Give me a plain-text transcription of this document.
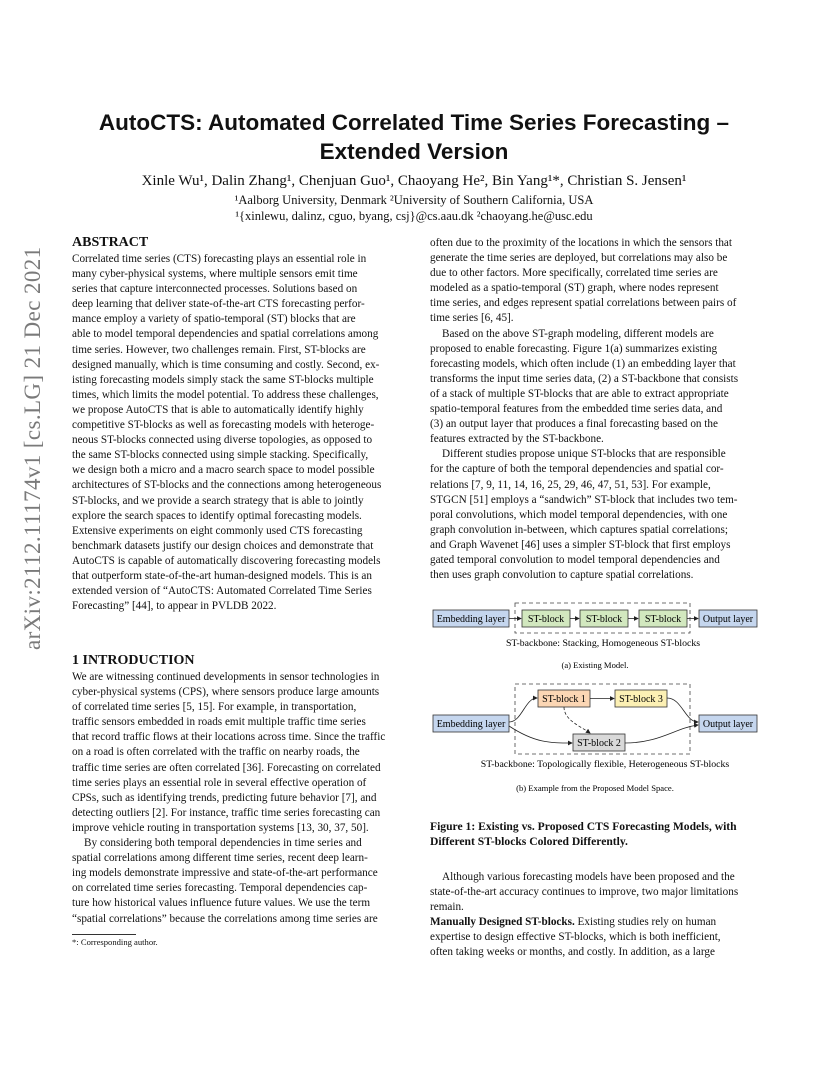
arXiv:2112.11174v1 [cs.LG] 21 Dec 2021
AutoCTS: Automated Correlated Time Series Forecasting –
Extended Version
Xinle Wu¹, Dalin Zhang¹, Chenjuan Guo¹, Chaoyang He², Bin Yang¹*, Christian S. Jensen¹
¹Aalborg University, Denmark ²University of Southern California, USA
¹{xinlewu, dalinz, cguo, byang, csj}@cs.aau.dk ²chaoyang.he@usc.edu
ABSTRACT

Correlated time series (CTS) forecasting plays an essential role in

many cyber-physical systems, where multiple sensors emit time

series that capture interconnected processes. Solutions based on

deep learning that deliver state-of-the-art CTS forecasting perfor-

mance employ a variety of spatio-temporal (ST) blocks that are

able to model temporal dependencies and spatial correlations among

time series. However, two challenges remain. First, ST-blocks are

designed manually, which is time consuming and costly. Second, ex-

isting forecasting models simply stack the same ST-blocks multiple

times, which limits the model potential. To address these challenges,

we propose AutoCTS that is able to automatically identify highly

competitive ST-blocks as well as forecasting models with heteroge-

neous ST-blocks connected using diverse topologies, as opposed to

the same ST-blocks connected using simple stacking. Specifically,

we design both a micro and a macro search space to model possible

architectures of ST-blocks and the connections among heterogeneous

ST-blocks, and we provide a search strategy that is able to jointly

explore the search spaces to identify optimal forecasting models.

Extensive experiments on eight commonly used CTS forecasting

benchmark datasets justify our design choices and demonstrate that

AutoCTS is capable of automatically discovering forecasting models

that outperform state-of-the-art human-designed models. This is an

extended version of “AutoCTS: Automated Correlated Time Series

Forecasting” [44], to appear in PVLDB 2022.

1 INTRODUCTION

We are witnessing continued developments in sensor technologies in

cyber-physical systems (CPS), where sensors produce large amounts

of correlated time series [5, 15]. For example, in transportation,

traffic sensors embedded in roads emit multiple traffic time series

that record traffic flows at their locations across time. Since the traffic

on a road is often correlated with the traffic on nearby roads, the

traffic time series are often correlated [36]. Forecasting on correlated

time series plays an essential role in several effective operation of

CPSs, such as identifying trends, predicting future behavior [7], and

detecting outliers [2]. For instance, traffic time series forecasting can

improve vehicle routing in transportation systems [13, 30, 37, 50].

By considering both temporal dependencies in time series and

spatial correlations among different time series, recent deep learn-

ing models demonstrate impressive and state-of-the-art performance

on correlated time series forecasting. Temporal dependencies cap-

ture how historical values influence future values. We use the term

“spatial correlations” because the correlations among time series are

*: Corresponding author.

often due to the proximity of the locations in which the sensors that

generate the time series are deployed, but correlations may also be

due to other factors. More specifically, correlated time series are

modeled as a spatio-temporal (ST) graph, where nodes represent

time series, and edges represent spatial correlations between pairs of

time series [6, 45].

Based on the above ST-graph modeling, different models are

proposed to enable forecasting. Figure 1(a) summarizes existing

forecasting models, which often include (1) an embedding layer that

transforms the input time series data, (2) a ST-backbone that consists

of a stack of multiple ST-blocks that are able to extract appropriate

spatio-temporal features from the embedded time series data, and

(3) an output layer that produces a final forecasting based on the

features extracted by the ST-backbone.

Different studies propose unique ST-blocks that are responsible

for the capture of both the temporal dependencies and spatial cor-

relations [7, 9, 11, 14, 16, 25, 29, 46, 47, 51, 53]. For example,

STGCN [51] employs a “sandwich” ST-block that includes two tem-

poral convolutions, which model temporal dependencies, with one

graph convolution in-between, which captures spatial correlations;

and Graph Wavenet [46] uses a simpler ST-block that first employs

gated temporal convolution to model temporal dependencies and

then uses graph convolution to capture spatial correlations.

Embedding layer ST-block ST-block ST-block Output layer
ST-backbone: Stacking, Homogeneous ST-blocks
(a) Existing Model.
Embedding layer
ST-block 1	ST-block 3
ST-block 2
Output layer
ST-backbone: Topologically flexible, Heterogeneous ST-blocks
(b) Example from the Proposed Model Space.
Figure 1: Existing vs. Proposed CTS Forecasting Models, with
Different ST-blocks Colored Differently.

Although various forecasting models have been proposed and the

state-of-the-art accuracy continues to improve, two major limitations

remain.

Manually Designed ST-blocks. Existing studies rely on human

expertise to design effective ST-blocks, which is both inefficient,

often taking weeks or months, and costly. In addition, as a large
